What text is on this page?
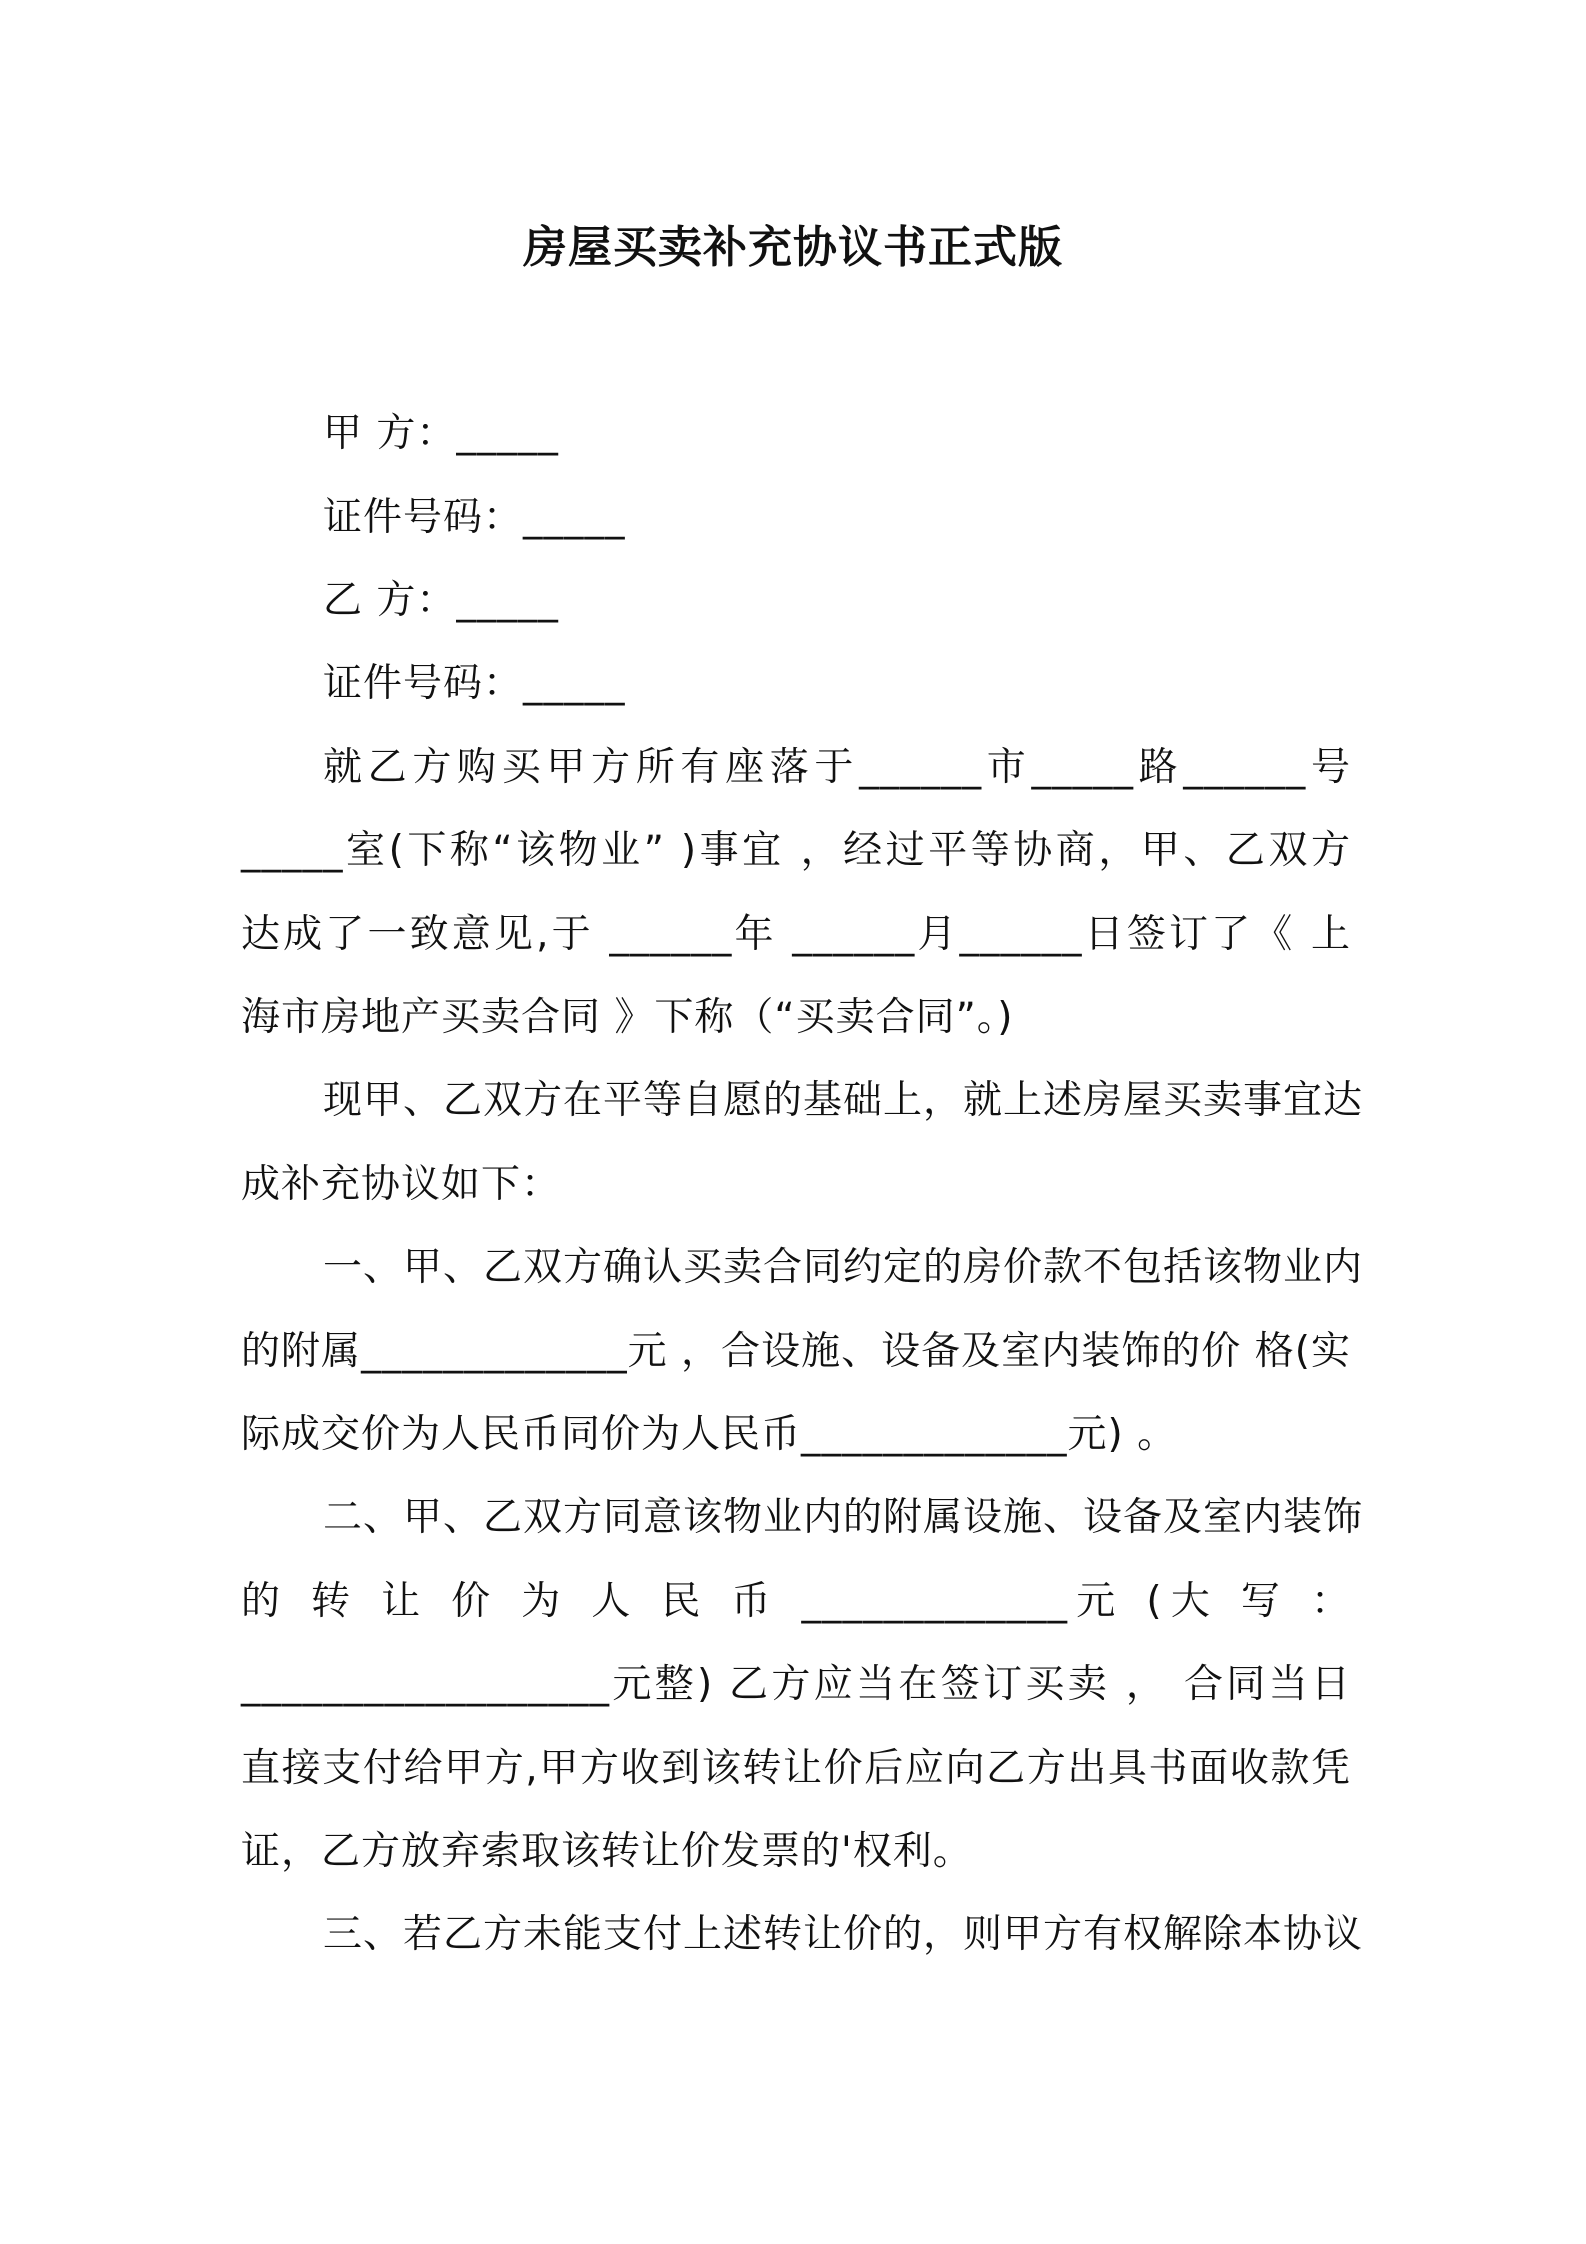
房屋买卖补充协议书正式版
甲 方：_____
证件号码：_____
乙 方：_____
证件号码：_____
就乙方购买甲方所有座落于______市_____路______号
_____室(下称“该物业” )事宜 ，经过平等协商，甲、乙双方
达成了一致意见,于 ______年 ______月______日签订了《 上
海市房地产买卖合同 》下称（“买卖合同”。)
现甲、乙双方在平等自愿的基础上，就上述房屋买卖事宜达
成补充协议如下：
一、甲、乙双方确认买卖合同约定的房价款不包括该物业内
的附属_____________元 ，合设施、设备及室内装饰的价 格(实
际成交价为人民币同价为人民币_____________元) 。
二、甲、乙双方同意该物业内的附属设施、设备及室内装饰
的 转 让 价 为 人 民 币 _____________元 (大 写 ：
__________________元整) 乙方应当在签订买卖 ， 合同当日
直接支付给甲方,甲方收到该转让价后应向乙方出具书面收款凭
证，乙方放弃索取该转让价发票的'权利。
三、若乙方未能支付上述转让价的，则甲方有权解除本协议
